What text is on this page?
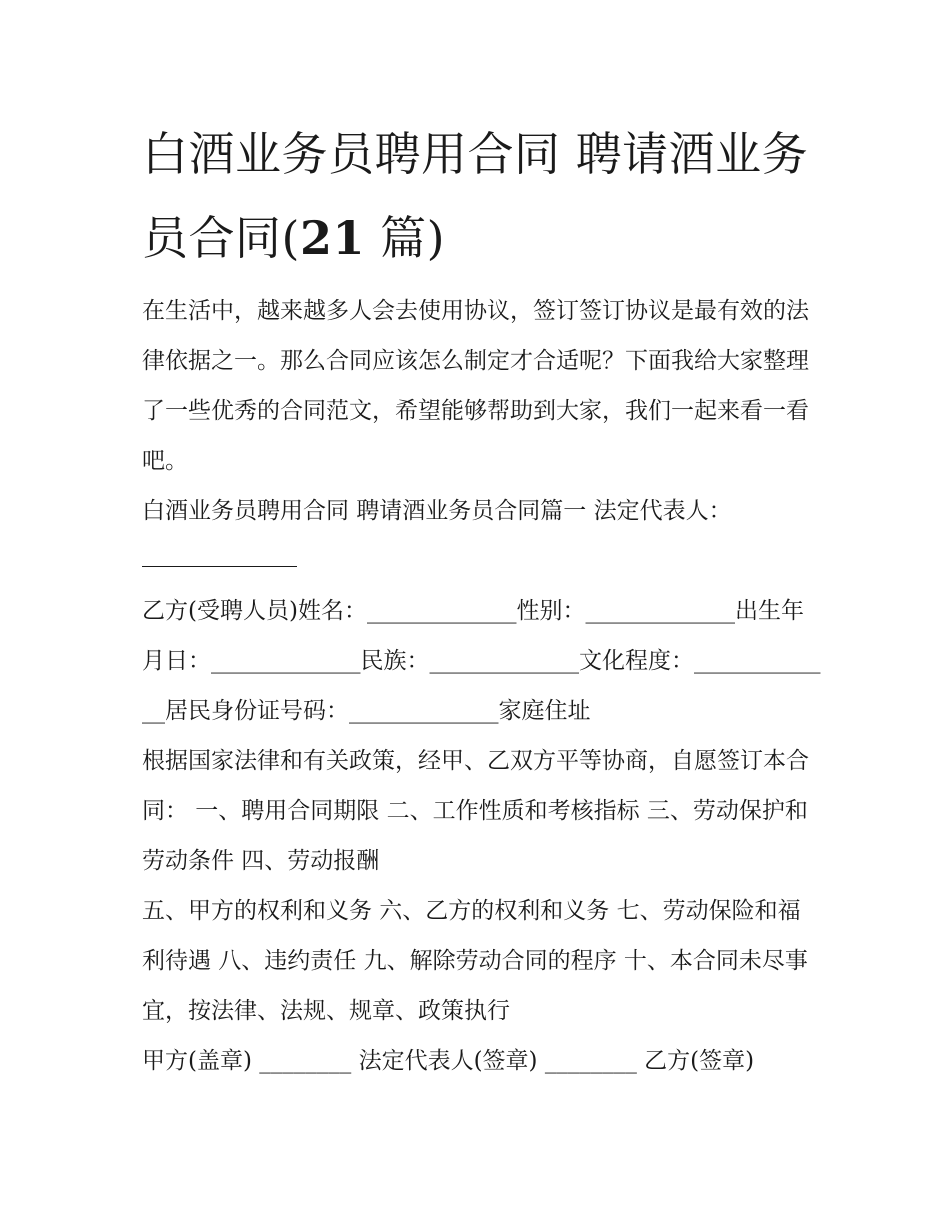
白酒业务员聘用合同 聘请酒业务员合同(21 篇)

在生活中，越来越多人会去使用协议，签订签订协议是最有效的法律依据之一。那么合同应该怎么制定才合适呢？下面我给大家整理了一些优秀的合同范文，希望能够帮助到大家，我们一起来看一看吧。

白酒业务员聘用合同 聘请酒业务员合同篇一 法定代表人：

乙方(受聘人员)姓名：_____________性别：_____________出生年月日：_____________民族：_____________文化程度：_____________居民身份证号码：_____________家庭住址

根据国家法律和有关政策，经甲、乙双方平等协商，自愿签订本合同： 一、聘用合同期限 二、工作性质和考核指标 三、劳动保护和劳动条件 四、劳动报酬

五、甲方的权利和义务 六、乙方的权利和义务 七、劳动保险和福利待遇 八、违约责任 九、解除劳动合同的程序 十、本合同未尽事宜，按法律、法规、规章、政策执行

甲方(盖章) ________ 法定代表人(签章) ________ 乙方(签章)
